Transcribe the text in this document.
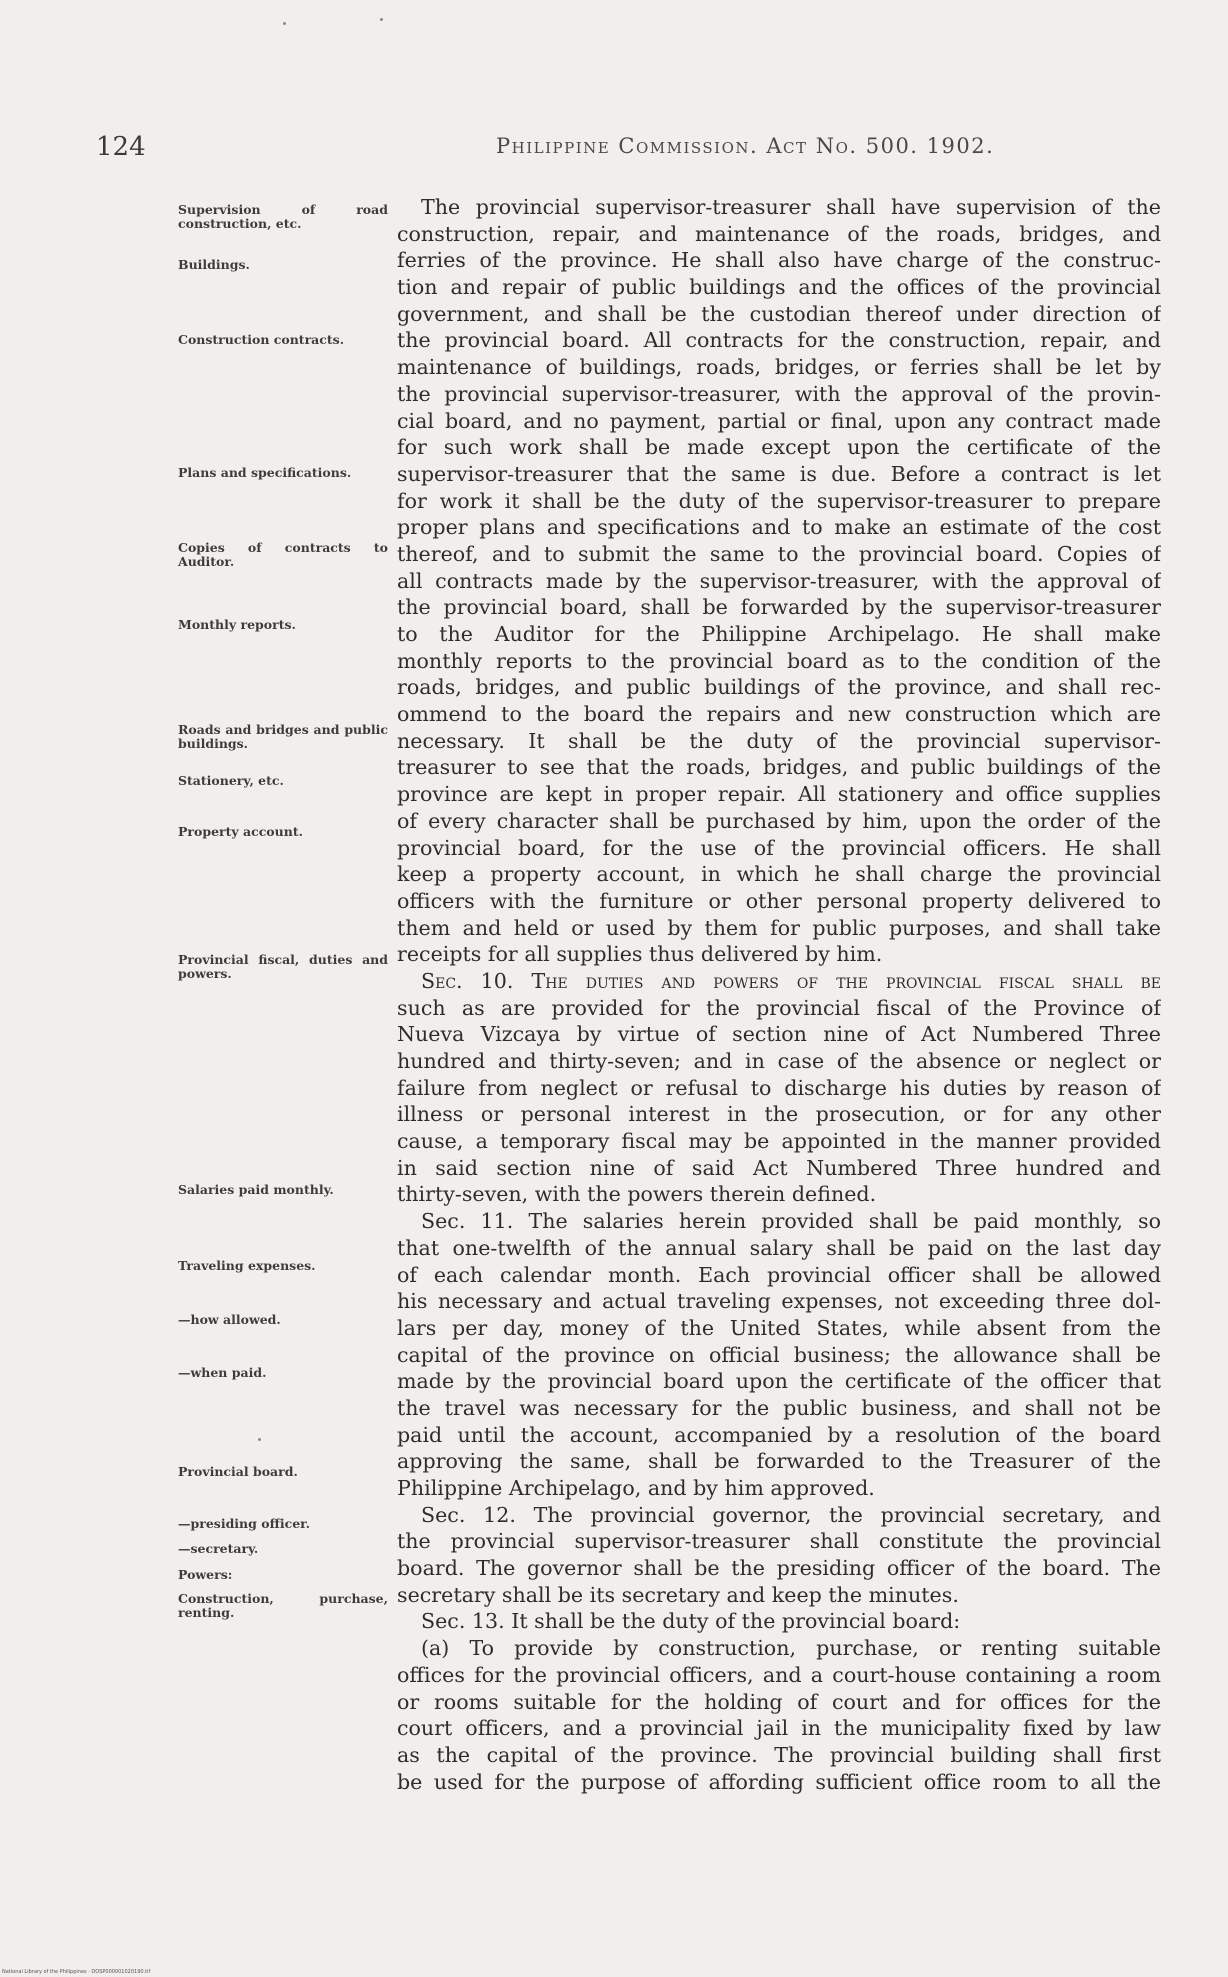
124	Philippine Commission. Act No. 500. 1902.
Supervision of road construction, etc.
Buildings.
Construction contracts.
Plans and specifications.
Copies of contracts to Auditor.
Monthly reports.
Roads and bridges and public buildings.
Stationery, etc.
Property account.
Provincial fiscal, duties and powers.
Salaries paid monthly.
Traveling expenses.
—how allowed.
—when paid.
Provincial board.
—presiding officer.
—secretary.
Powers:
Construction, purchase, renting.
The provincial supervisor-treasurer shall have supervision of the
construction, repair, and maintenance of the roads, bridges, and
ferries of the province. He shall also have charge of the construc-
tion and repair of public buildings and the offices of the provincial
government, and shall be the custodian thereof under direction of
the provincial board. All contracts for the construction, repair, and
maintenance of buildings, roads, bridges, or ferries shall be let by
the provincial supervisor-treasurer, with the approval of the provin-
cial board, and no payment, partial or final, upon any contract made
for such work shall be made except upon the certificate of the
supervisor-treasurer that the same is due. Before a contract is let
for work it shall be the duty of the supervisor-treasurer to prepare
proper plans and specifications and to make an estimate of the cost
thereof, and to submit the same to the provincial board. Copies of
all contracts made by the supervisor-treasurer, with the approval of
the provincial board, shall be forwarded by the supervisor-treasurer
to the Auditor for the Philippine Archipelago. He shall make
monthly reports to the provincial board as to the condition of the
roads, bridges, and public buildings of the province, and shall rec-
ommend to the board the repairs and new construction which are
necessary. It shall be the duty of the provincial supervisor-
treasurer to see that the roads, bridges, and public buildings of the
province are kept in proper repair. All stationery and office supplies
of every character shall be purchased by him, upon the order of the
provincial board, for the use of the provincial officers. He shall
keep a property account, in which he shall charge the provincial
officers with the furniture or other personal property delivered to
them and held or used by them for public purposes, and shall take
receipts for all supplies thus delivered by him.
Sec. 10. The duties and powers of the provincial fiscal shall be
such as are provided for the provincial fiscal of the Province of
Nueva Vizcaya by virtue of section nine of Act Numbered Three
hundred and thirty-seven; and in case of the absence or neglect or
failure from neglect or refusal to discharge his duties by reason of
illness or personal interest in the prosecution, or for any other
cause, a temporary fiscal may be appointed in the manner provided
in said section nine of said Act Numbered Three hundred and
thirty-seven, with the powers therein defined.
Sec. 11. The salaries herein provided shall be paid monthly, so
that one-twelfth of the annual salary shall be paid on the last day
of each calendar month. Each provincial officer shall be allowed
his necessary and actual traveling expenses, not exceeding three dol-
lars per day, money of the United States, while absent from the
capital of the province on official business; the allowance shall be
made by the provincial board upon the certificate of the officer that
the travel was necessary for the public business, and shall not be
paid until the account, accompanied by a resolution of the board
approving the same, shall be forwarded to the Treasurer of the
Philippine Archipelago, and by him approved.
Sec. 12. The provincial governor, the provincial secretary, and
the provincial supervisor-treasurer shall constitute the provincial
board. The governor shall be the presiding officer of the board. The
secretary shall be its secretary and keep the minutes.
Sec. 13. It shall be the duty of the provincial board:
(a) To provide by construction, purchase, or renting suitable
offices for the provincial officers, and a court-house containing a room
or rooms suitable for the holding of court and for offices for the
court officers, and a provincial jail in the municipality fixed by law
as the capital of the province. The provincial building shall first
be used for the purpose of affording sufficient office room to all the
National Library of the Philippines · DOSP000001020190.tif
